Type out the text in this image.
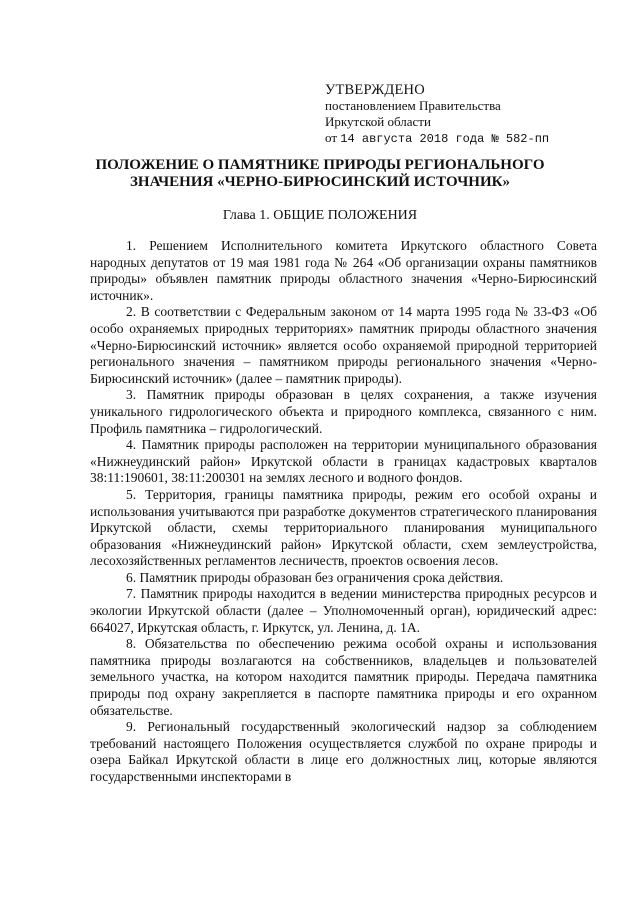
УТВЕРЖДЕНО
постановлением Правительства
Иркутской области
от 14 августа 2018 года № 582-пп
ПОЛОЖЕНИЕ О ПАМЯТНИКЕ ПРИРОДЫ РЕГИОНАЛЬНОГО
ЗНАЧЕНИЯ «ЧЕРНО-БИРЮСИНСКИЙ ИСТОЧНИК»
Глава 1. ОБЩИЕ ПОЛОЖЕНИЯ

1. Решением Исполнительного комитета Иркутского областного Совета народных депутатов от 19 мая 1981 года № 264 «Об организации охраны памятников природы» объявлен памятник природы областного значения «Черно-Бирюсинский источник».

2. В соответствии с Федеральным законом от 14 марта 1995 года № 33-ФЗ «Об особо охраняемых природных территориях» памятник природы областного значения «Черно-Бирюсинский источник» является особо охраняемой природной территорией регионального значения – памятником природы регионального значения «Черно-Бирюсинский источник» (далее – памятник природы).

3. Памятник природы образован в целях сохранения, а также изучения уникального гидрологического объекта и природного комплекса, связанного с ним. Профиль памятника – гидрологический.

4. Памятник природы расположен на территории муниципального образования «Нижнеудинский район» Иркутской области в границах кадастровых кварталов 38:11:190601, 38:11:200301 на землях лесного и водного фондов.

5. Территория, границы памятника природы, режим его особой охраны и использования учитываются при разработке документов стратегического планирования Иркутской области, схемы территориального планирования муниципального образования «Нижнеудинский район» Иркутской области, схем землеустройства, лесохозяйственных регламентов лесничеств, проектов освоения лесов.

6. Памятник природы образован без ограничения срока действия.

7. Памятник природы находится в ведении министерства природных ресурсов и экологии Иркутской области (далее – Уполномоченный орган), юридический адрес: 664027, Иркутская область, г. Иркутск, ул. Ленина, д. 1А.

8. Обязательства по обеспечению режима особой охраны и использования памятника природы возлагаются на собственников, владельцев и пользователей земельного участка, на котором находится памятник природы. Передача памятника природы под охрану закрепляется в паспорте памятника природы и его охранном обязательстве.

9. Региональный государственный экологический надзор за соблюдением требований настоящего Положения осуществляется службой по охране природы и озера Байкал Иркутской области в лице его должностных лиц, которые являются государственными инспекторами в
